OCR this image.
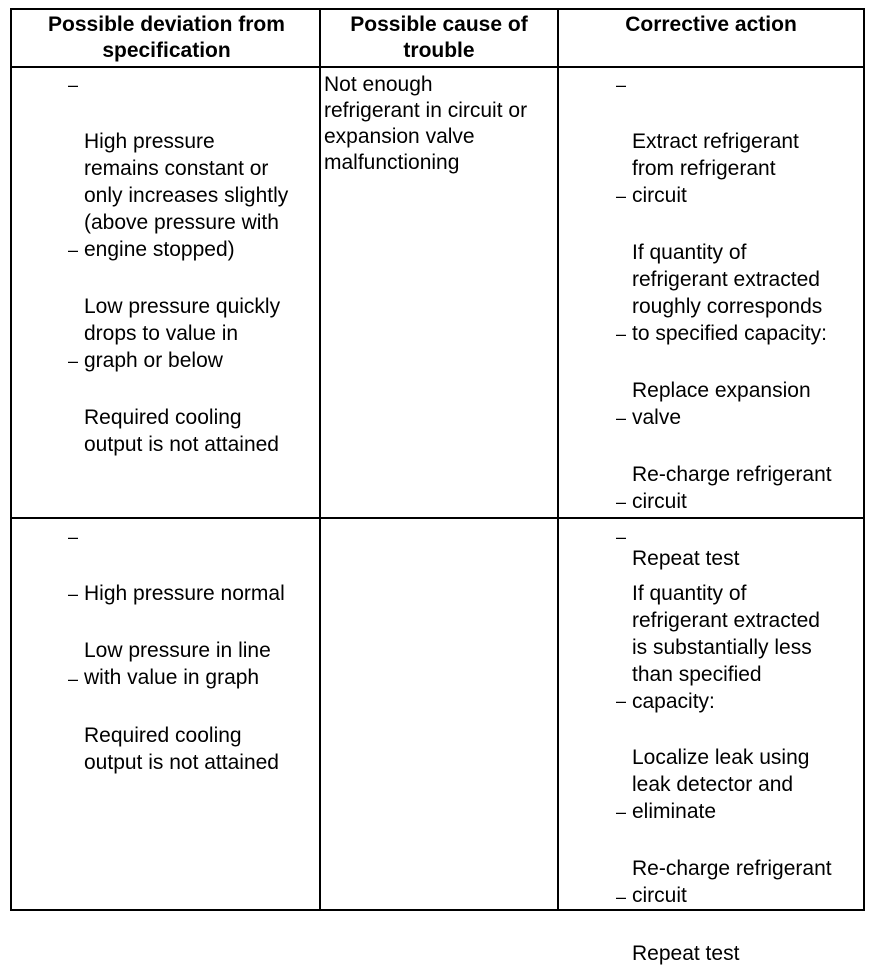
Possible deviation from
specification
Possible cause of
trouble
Corrective action

–

High pressure
remains constant or
only increases slightly
(above pressure with
engine stopped)

–

Low pressure quickly
drops to value in
graph or below

–

Required cooling
output is not attained

Not enough
refrigerant in circuit or
expansion valve
malfunctioning

–

Extract refrigerant
from refrigerant
circuit

–

If quantity of
refrigerant extracted
roughly corresponds
to specified capacity:

–

Replace expansion
valve

–

Re-charge refrigerant
circuit

–

Repeat test

–

High pressure normal

–

Low pressure in line
with value in graph

–

Required cooling
output is not attained

–

If quantity of
refrigerant extracted
is substantially less
than specified
capacity:

–

Localize leak using
leak detector and
eliminate

–

Re-charge refrigerant
circuit

–

Repeat test
